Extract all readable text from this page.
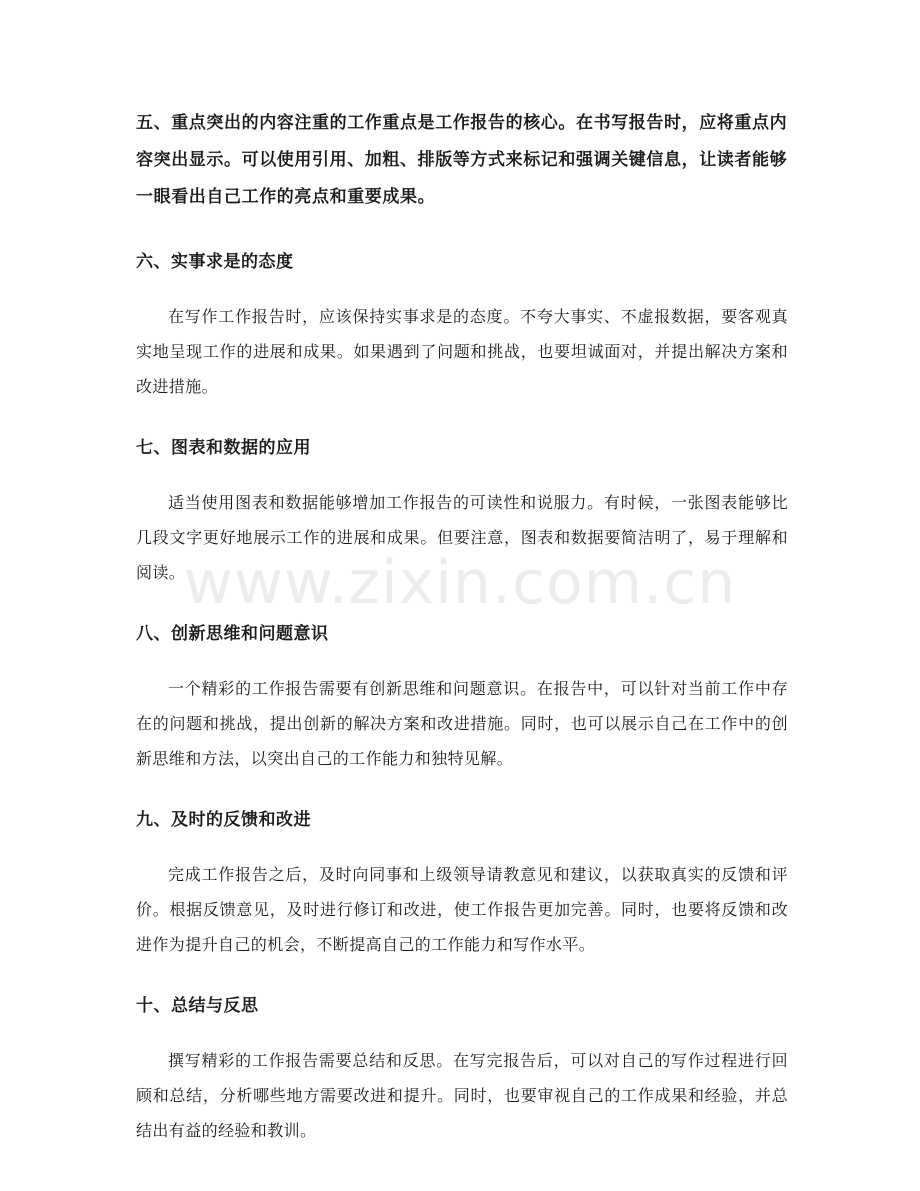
五、重点突出的内容注重的工作重点是工作报告的核心。在书写报告时，应将重点内容突出显示。可以使用引用、加粗、排版等方式来标记和强调关键信息，让读者能够一眼看出自己工作的亮点和重要成果。

六、实事求是的态度

在写作工作报告时，应该保持实事求是的态度。不夸大事实、不虚报数据，要客观真实地呈现工作的进展和成果。如果遇到了问题和挑战，也要坦诚面对，并提出解决方案和改进措施。

七、图表和数据的应用

适当使用图表和数据能够增加工作报告的可读性和说服力。有时候，一张图表能够比几段文字更好地展示工作的进展和成果。但要注意，图表和数据要简洁明了，易于理解和阅读。

八、创新思维和问题意识

一个精彩的工作报告需要有创新思维和问题意识。在报告中，可以针对当前工作中存在的问题和挑战，提出创新的解决方案和改进措施。同时，也可以展示自己在工作中的创新思维和方法，以突出自己的工作能力和独特见解。

九、及时的反馈和改进

完成工作报告之后，及时向同事和上级领导请教意见和建议，以获取真实的反馈和评价。根据反馈意见，及时进行修订和改进，使工作报告更加完善。同时，也要将反馈和改进作为提升自己的机会，不断提高自己的工作能力和写作水平。

十、总结与反思

撰写精彩的工作报告需要总结和反思。在写完报告后，可以对自己的写作过程进行回顾和总结，分析哪些地方需要改进和提升。同时，也要审视自己的工作成果和经验，并总结出有益的经验和教训。

www.zixin.com.cn
